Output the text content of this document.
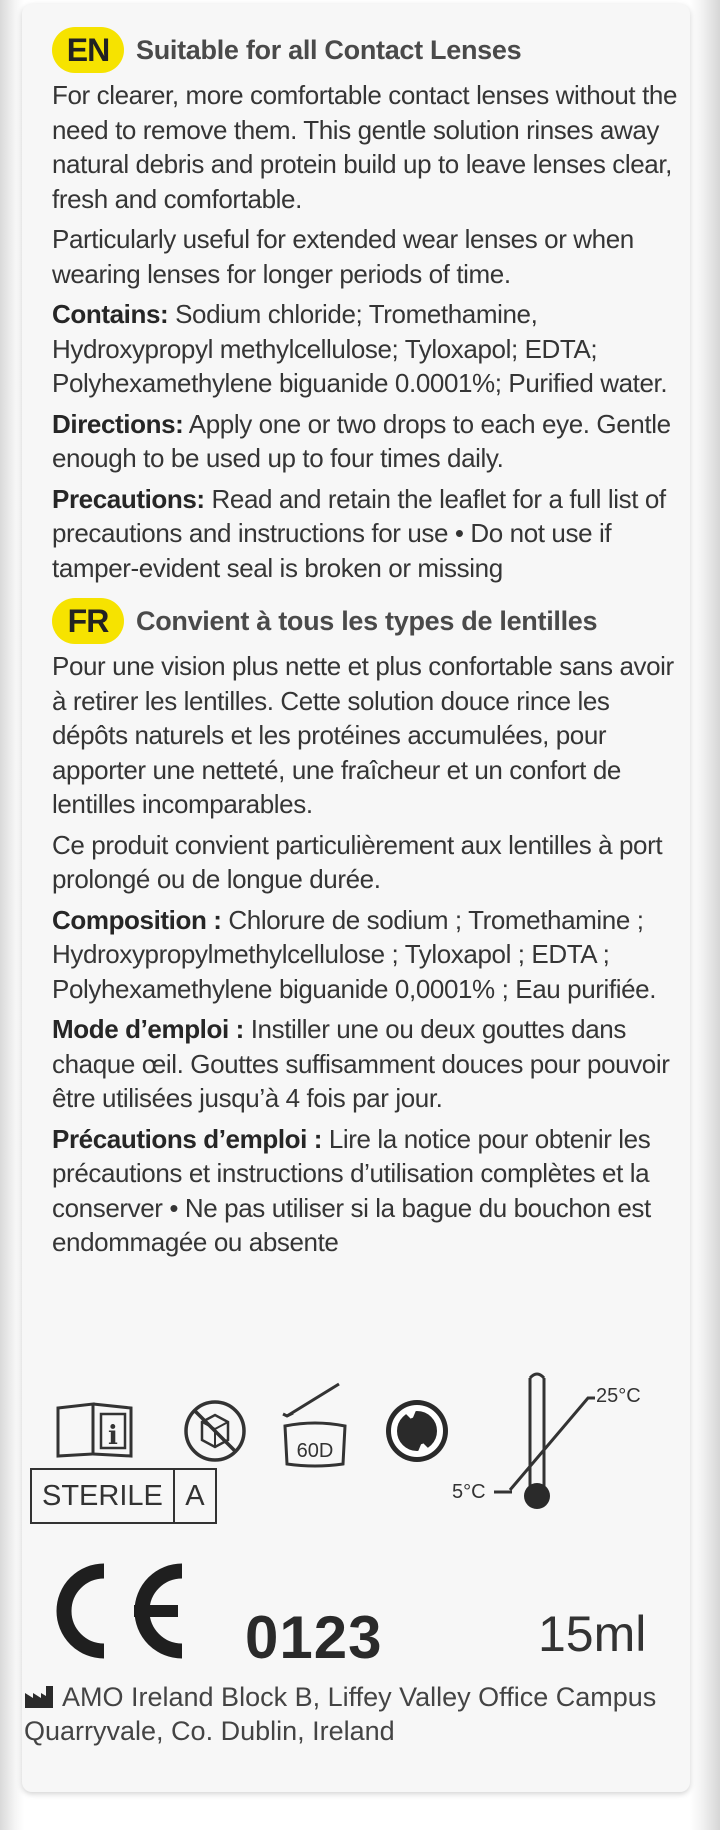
EN Suitable for all Contact Lenses

For clearer, more comfortable contact lenses without the need to remove them. This gentle solution rinses away natural debris and protein build up to leave lenses clear, fresh and comfortable.

Particularly useful for extended wear lenses or when wearing lenses for longer periods of time.

Contains: Sodium chloride; Tromethamine, Hydroxypropyl methylcellulose; Tyloxapol; EDTA; Polyhexamethylene biguanide 0.0001%; Purified water.

Directions: Apply one or two drops to each eye. Gentle enough to be used up to four times daily.

Precautions: Read and retain the leaflet for a full list of precautions and instructions for use • Do not use if tamper-evident seal is broken or missing

FR	Convient à tous les types de lentilles

Pour une vision plus nette et plus confortable sans avoir à retirer les lentilles. Cette solution douce rince les dépôts naturels et les protéines accumulées, pour apporter une netteté, une fraîcheur et un confort de lentilles incomparables.

Ce produit convient particulièrement aux lentilles à port prolongé ou de longue durée.

Composition : Chlorure de sodium ; Tromethamine ; Hydroxypropylmethylcellulose ; Tyloxapol ; EDTA ; Polyhexamethylene biguanide 0,0001% ; Eau purifiée.

Mode d’emploi : Instiller une ou deux gouttes dans chaque œil. Gouttes suffisamment douces pour pouvoir être utilisées jusqu’à 4 fois par jour.

Précautions d’emploi : Lire la notice pour obtenir les précautions et instructions d’utilisation complètes et la conserver • Ne pas utiliser si la bague du bouchon est endommagée ou absente

i	60D
25°C
5°C
STERILE A
0123	15ml
AMO Ireland Block B, Liffey Valley Office Campus
Quarryvale, Co. Dublin, Ireland
